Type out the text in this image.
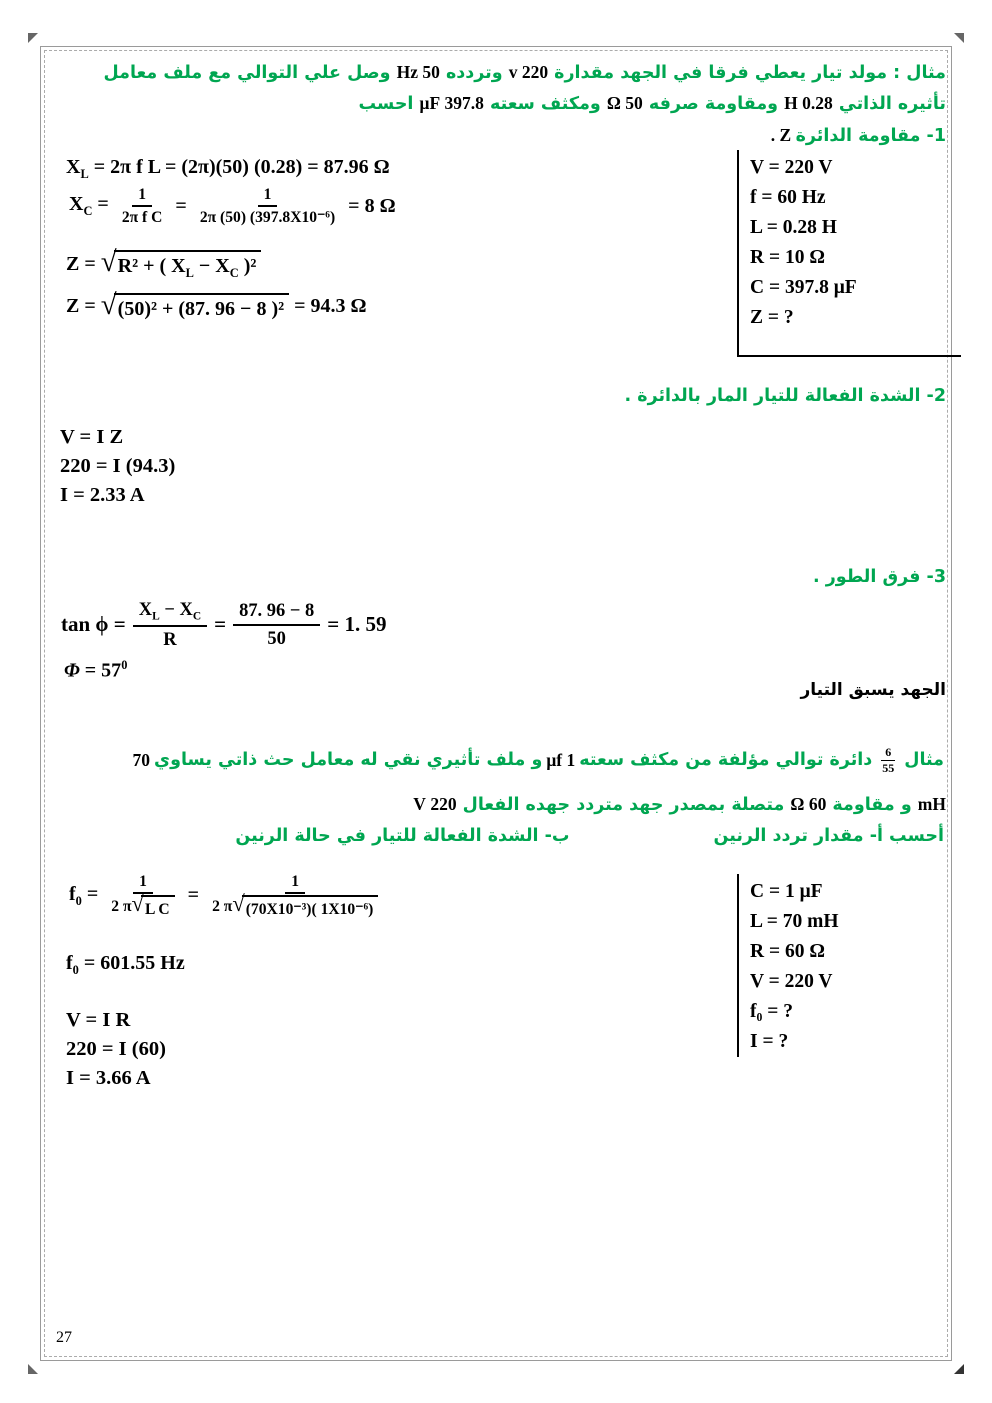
مثال : مولد تيار يعطي فرقا في الجهد مقدارة 220 v وتردده 50 Hz وصل علي التوالي مع ملف معامل
تأثيره الذاتي 0.28 H ومقاومة صرفه 50 Ω ومكثف سعته 397.8 μF احسب
1- مقاومة الدائرة Z .
$X_L = 2\pi$ f L = (2π)(50) (0.28) = 87.96 Ω
$X_C = \frac{1}{\text{2π f C}} = \frac{1}{\text{2π (50) (397.8X10⁻⁶)}} = 8$ Ω
Z = √ R² + ( $X_L - X_C$ )²
Z = √ (50)² + (87. 96 − 8 )² = 94.3 Ω
V = 220 V
f = 60 Hz
L = 0.28 H
R = 10 Ω
C = 397.8 μF
Z = ?
2- الشدة الفعالة للتيار المار بالدائرة .
V = I Z
220 = I (94.3)
I = 2.33 A
3- فرق الطور .
$\tan \phi = \frac{X_L - X_C}{R} = \frac{87. 96 - 8}{50} = 1$. 59
$\Phi = 57^0$
الجهد يسبق التيار
مثال
$\frac{6}{55}$
دائرة توالي مؤلفة من مكثف سعته
1 μf
و ملف تأثيري نقي له معامل حث ذاتي يساوي
70
mH و مقاومة 60 Ω متصلة بمصدر جهد متردد جهده الفعال 220 V
أحسب أ- مقدار تردد الرنين
ب- الشدة الفعالة للتيار في حالة الرنين
$f_0 = \frac{1}{\text{2 π √ L C}} = \frac{1}{\text{2 π √ (70X10⁻³)( 1X10⁻⁶)}}$
$f_0 = 601.55$ Hz
V = I R
220 = I (60)
I = 3.66 A
C = 1 μF
L = 70 mH
R = 60 Ω
V = 220 V
f₀ = ?
I = ?
27
